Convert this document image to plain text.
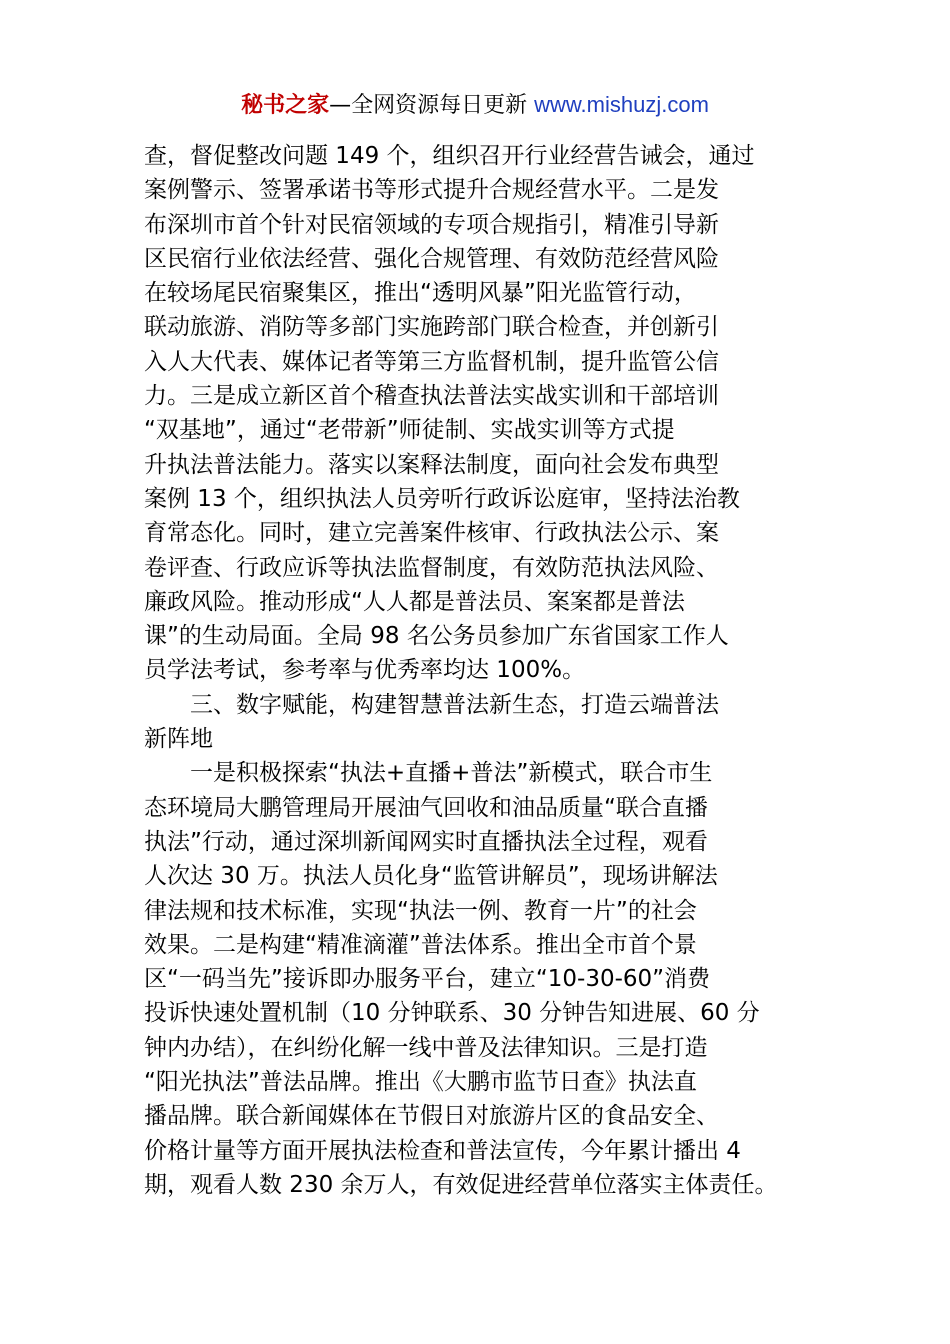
秘书之家—全网资源每日更新 www.mishuzj.com
查，督促整改问题 149 个，组织召开行业经营告诫会，通过
案例警示、签署承诺书等形式提升合规经营水平。二是发
布深圳市首个针对民宿领域的专项合规指引，精准引导新
区民宿行业依法经营、强化合规管理、有效防范经营风险
在较场尾民宿聚集区，推出“透明风暴”阳光监管行动，
联动旅游、消防等多部门实施跨部门联合检查，并创新引
入人大代表、媒体记者等第三方监督机制，提升监管公信
力。三是成立新区首个稽查执法普法实战实训和干部培训
“双基地”，通过“老带新”师徒制、实战实训等方式提
升执法普法能力。落实以案释法制度，面向社会发布典型
案例 13 个，组织执法人员旁听行政诉讼庭审，坚持法治教
育常态化。同时，建立完善案件核审、行政执法公示、案
卷评查、行政应诉等执法监督制度，有效防范执法风险、
廉政风险。推动形成“人人都是普法员、案案都是普法
课”的生动局面。全局 98 名公务员参加广东省国家工作人
员学法考试，参考率与优秀率均达 100%。
三、数字赋能，构建智慧普法新生态，打造云端普法
新阵地
一是积极探索“执法+直播+普法”新模式，联合市生
态环境局大鹏管理局开展油气回收和油品质量“联合直播
执法”行动，通过深圳新闻网实时直播执法全过程，观看
人次达 30 万。执法人员化身“监管讲解员”，现场讲解法
律法规和技术标准，实现“执法一例、教育一片”的社会
效果。二是构建“精准滴灌”普法体系。推出全市首个景
区“一码当先”接诉即办服务平台，建立“10-30-60”消费
投诉快速处置机制（10 分钟联系、30 分钟告知进展、60 分
钟内办结），在纠纷化解一线中普及法律知识。三是打造
“阳光执法”普法品牌。推出《大鹏市监节日查》执法直
播品牌。联合新闻媒体在节假日对旅游片区的食品安全、
价格计量等方面开展执法检查和普法宣传，今年累计播出 4
期，观看人数 230 余万人，有效促进经营单位落实主体责任。
